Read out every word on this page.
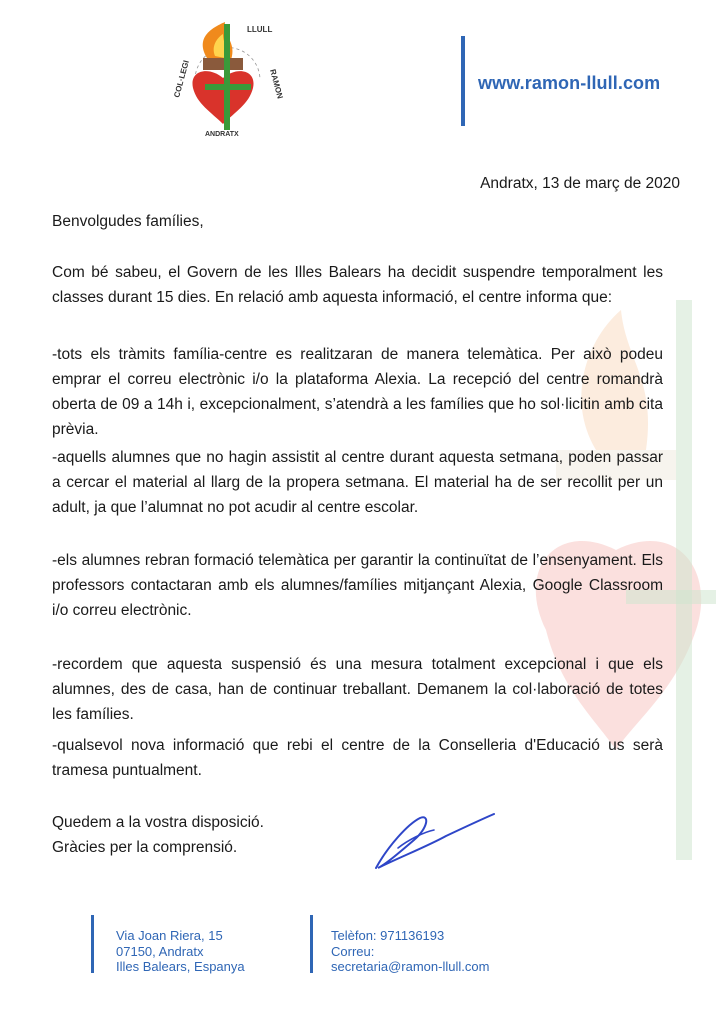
COL·LEGI
LLULL
RAMON
ANDRATX
www.ramon-llull.com
Andratx, 13 de març de 2020
Benvolgudes famílies,

Com bé sabeu, el Govern de les Illes Balears ha decidit suspendre temporalment les classes durant 15 dies. En relació amb aquesta informació, el centre informa que:

-tots els tràmits família-centre es realitzaran de manera telemàtica. Per això podeu emprar el correu electrònic i/o la plataforma Alexia. La recepció del centre romandrà oberta de 09 a 14h i, excepcionalment, s’atendrà a les famílies que ho sol·licitin amb cita prèvia.

-aquells alumnes que no hagin assistit al centre durant aquesta setmana, poden passar a cercar el material al llarg de la propera setmana. El material ha de ser recollit per un adult, ja que l’alumnat no pot acudir al centre escolar.

-els alumnes rebran formació telemàtica per garantir la continuïtat de l’ensenyament. Els professors contactaran amb els alumnes/famílies mitjançant Alexia, Google Classroom i/o correu electrònic.

-recordem que aquesta suspensió és una mesura totalment excepcional i que els alumnes, des de casa, han de continuar treballant. Demanem la col·laboració de totes les famílies.

-qualsevol nova informació que rebi el centre de la Conselleria d'Educació us serà tramesa puntualment.

Quedem a la vostra disposició.
Gràcies per la comprensió.
Via Joan Riera, 15
07150, Andratx
Illes Balears, Espanya
Telèfon: 971136193
Correu:
secretaria@ramon-llull.com
